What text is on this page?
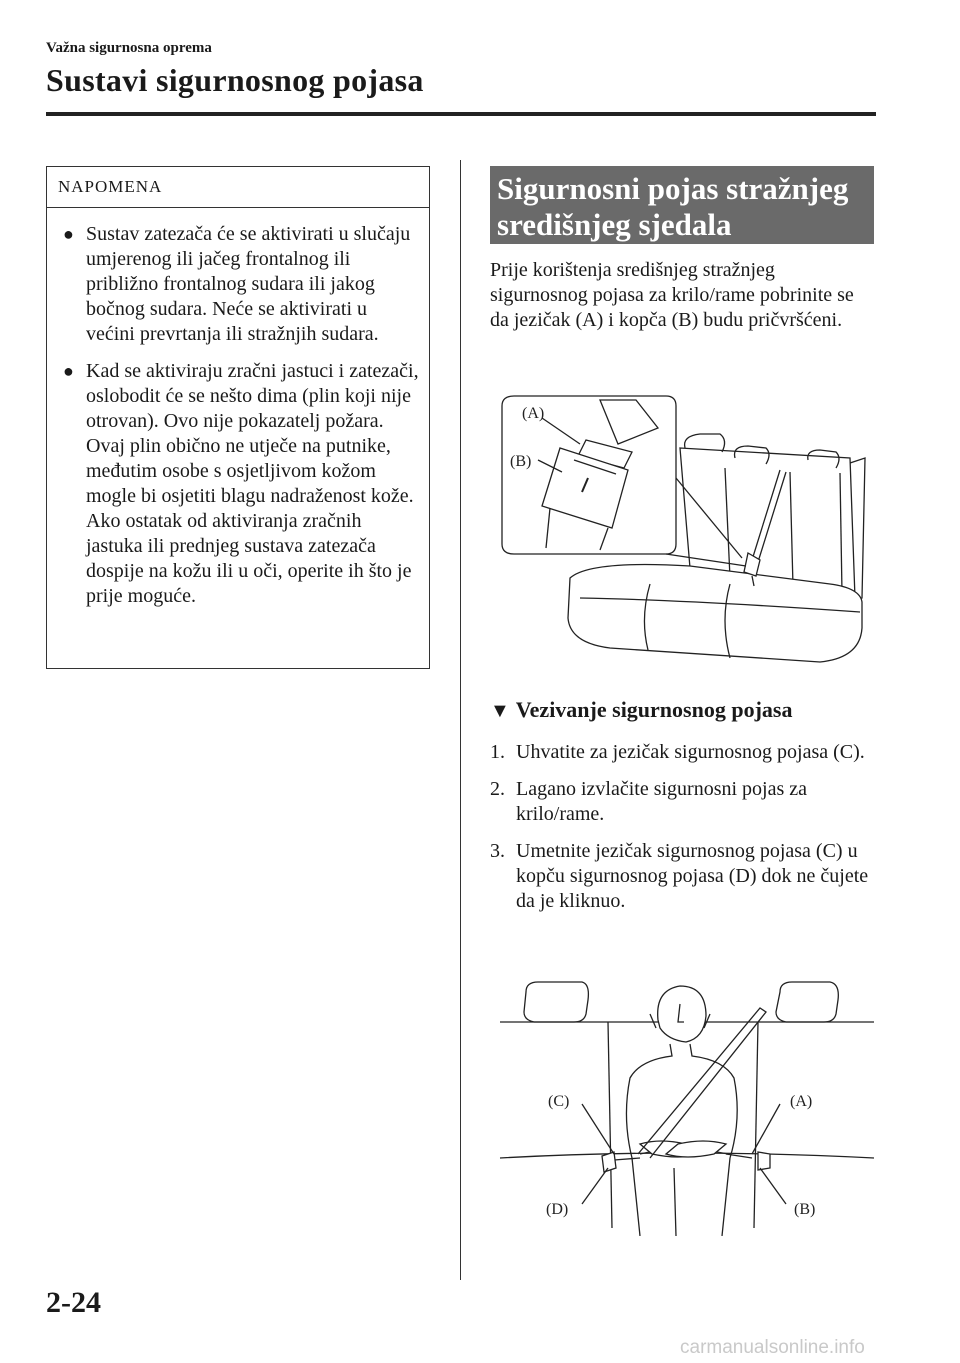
Važna sigurnosna oprema
Sustavi sigurnosnog pojasa
NAPOMENA
● Sustav zatezača će se aktivirati u slučaju umjerenog ili jačeg frontalnog ili približno frontalnog sudara ili jakog bočnog sudara. Neće se aktivirati u većini prevrtanja ili stražnjih sudara.
● Kad se aktiviraju zračni jastuci i zatezači, oslobodit će se nešto dima (plin koji nije otrovan). Ovo nije pokazatelj požara. Ovaj plin obično ne utječe na putnike, međutim osobe s osjetljivom kožom mogle bi osjetiti blagu nadraženost kože. Ako ostatak od aktiviranja zračnih jastuka ili prednjeg sustava zatezača dospije na kožu ili u oči, operite ih što je prije moguće.
Sigurnosni pojas stražnjeg središnjeg sjedala
Prije korištenja središnjeg stražnjeg sigurnosnog pojasa za krilo/rame pobrinite se da jezičak (A) i kopča (B) budu pričvršćeni.
(A)
(B)
▼ Vezivanje sigurnosnog pojasa
1. Uhvatite za jezičak sigurnosnog pojasa (C).
2. Lagano izvlačite sigurnosni pojas za krilo/rame.
3. Umetnite jezičak sigurnosnog pojasa (C) u kopču sigurnosnog pojasa (D) dok ne čujete da je kliknuo.
(C)	(A)
(D)	(B)
2-24
carmanualsonline.info
